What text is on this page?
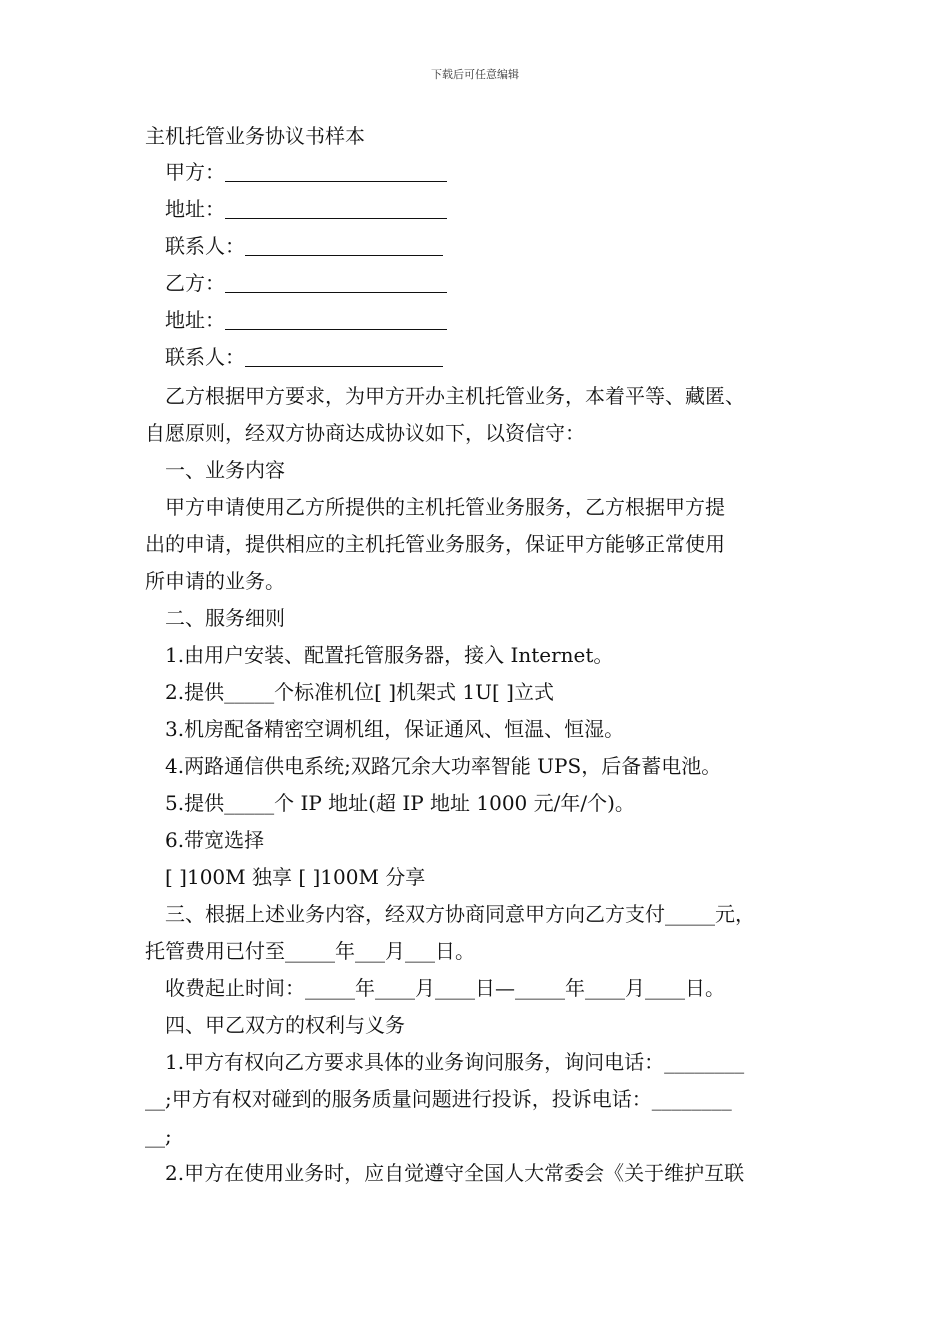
下载后可任意编辑
主机托管业务协议书样本
甲方：
地址：
联系人：
乙方：
地址：
联系人：
乙方根据甲方要求，为甲方开办主机托管业务，本着平等、藏匿、
自愿原则，经双方协商达成协议如下，以资信守：
一、业务内容
甲方申请使用乙方所提供的主机托管业务服务，乙方根据甲方提
出的申请，提供相应的主机托管业务服务，保证甲方能够正常使用
所申请的业务。
二、服务细则
1.由用户安装、配置托管服务器，接入 Internet。
2.提供_____个标准机位[ ]机架式 1U[ ]立式
3.机房配备精密空调机组，保证通风、恒温、恒湿。
4.两路通信供电系统;双路冗余大功率智能 UPS，后备蓄电池。
5.提供_____个 IP 地址(超 IP 地址 1000 元/年/个)。
6.带宽选择
[ ]100M 独享 [ ]100M 分享
三、根据上述业务内容，经双方协商同意甲方向乙方支付_____元，
托管费用已付至_____年___月___日。
收费起止时间：_____年____月____日—_____年____月____日。
四、甲乙双方的权利与义务
1.甲方有权向乙方要求具体的业务询问服务，询问电话：________
__;甲方有权对碰到的服务质量问题进行投诉，投诉电话：________
__;
2.甲方在使用业务时，应自觉遵守全国人大常委会《关于维护互联
